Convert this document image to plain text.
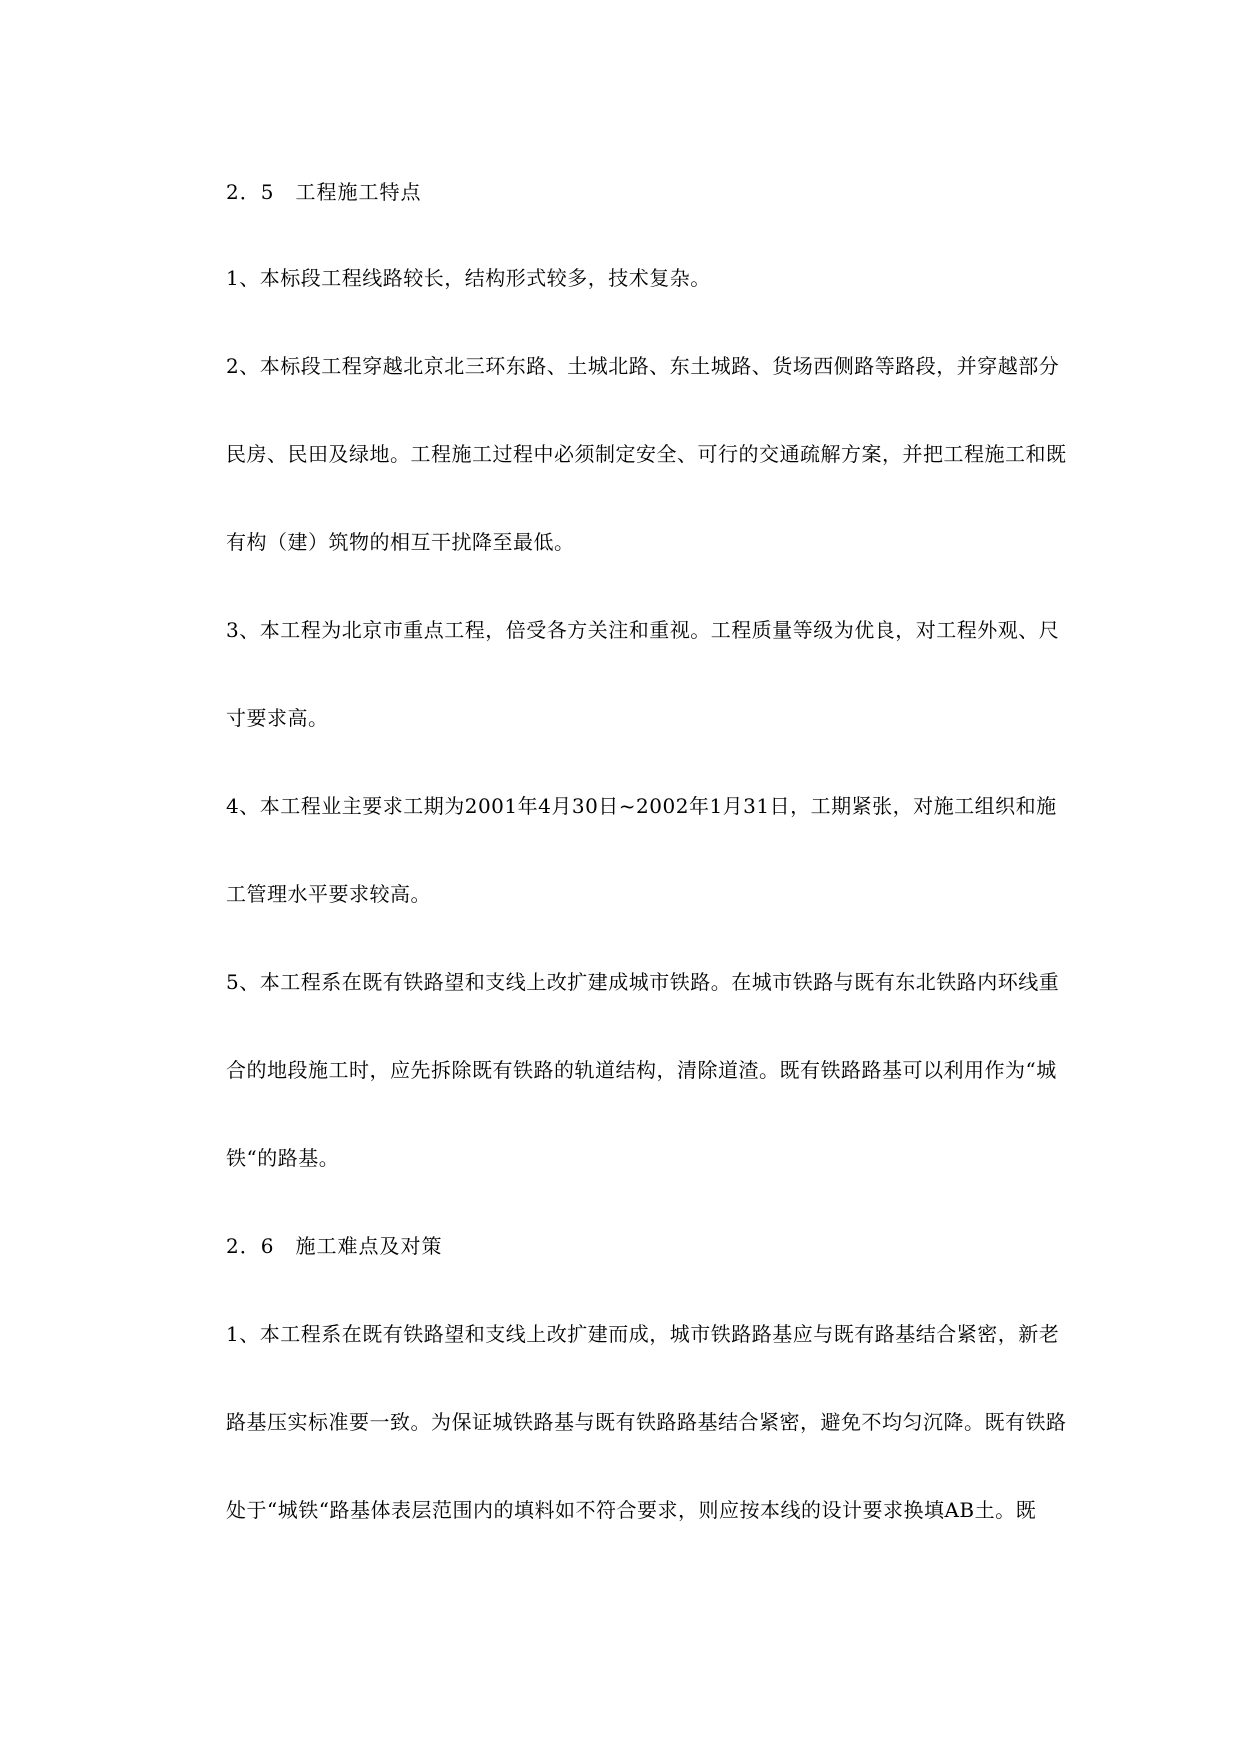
2．5　工程施工特点
1、本标段工程线路较长，结构形式较多，技术复杂。
2、本标段工程穿越北京北三环东路、土城北路、东土城路、货场西侧路等路段，并穿越部分
民房、民田及绿地。工程施工过程中必须制定安全、可行的交通疏解方案，并把工程施工和既
有构（建）筑物的相互干扰降至最低。
3、本工程为北京市重点工程，倍受各方关注和重视。工程质量等级为优良，对工程外观、尺
寸要求高。
4、本工程业主要求工期为2001年4月30日~2002年1月31日，工期紧张，对施工组织和施
工管理水平要求较高。
5、本工程系在既有铁路望和支线上改扩建成城市铁路。在城市铁路与既有东北铁路内环线重
合的地段施工时，应先拆除既有铁路的轨道结构，清除道渣。既有铁路路基可以利用作为“城
铁“的路基。
2．6　施工难点及对策
1、本工程系在既有铁路望和支线上改扩建而成，城市铁路路基应与既有路基结合紧密，新老
路基压实标准要一致。为保证城铁路基与既有铁路路基结合紧密，避免不均匀沉降。既有铁路
处于“城铁“路基体表层范围内的填料如不符合要求，则应按本线的设计要求换填AB土。既
